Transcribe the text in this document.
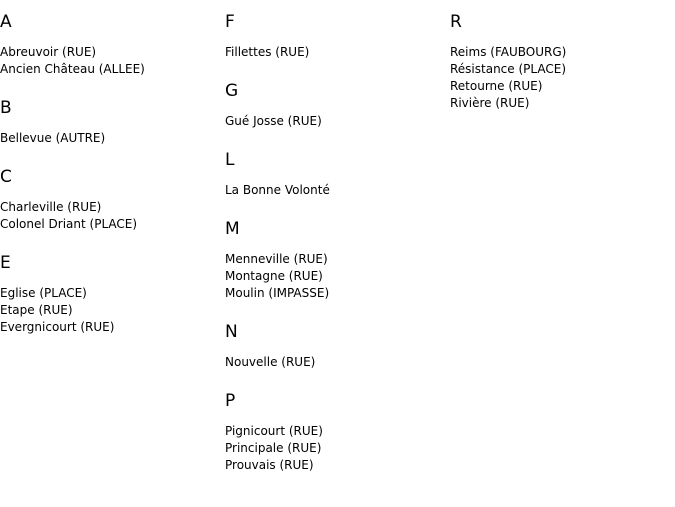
A
Abreuvoir (RUE)
Ancien Château (ALLEE)
B
Bellevue (AUTRE)
C
Charleville (RUE)
Colonel Driant (PLACE)
E
Eglise (PLACE)
Etape (RUE)
Evergnicourt (RUE)
F
Fillettes (RUE)
G
Gué Josse (RUE)
L
La Bonne Volonté
M
Menneville (RUE)
Montagne (RUE)
Moulin (IMPASSE)
N
Nouvelle (RUE)
P
Pignicourt (RUE)
Principale (RUE)
Prouvais (RUE)
R
Reims (FAUBOURG)
Résistance (PLACE)
Retourne (RUE)
Rivière (RUE)
